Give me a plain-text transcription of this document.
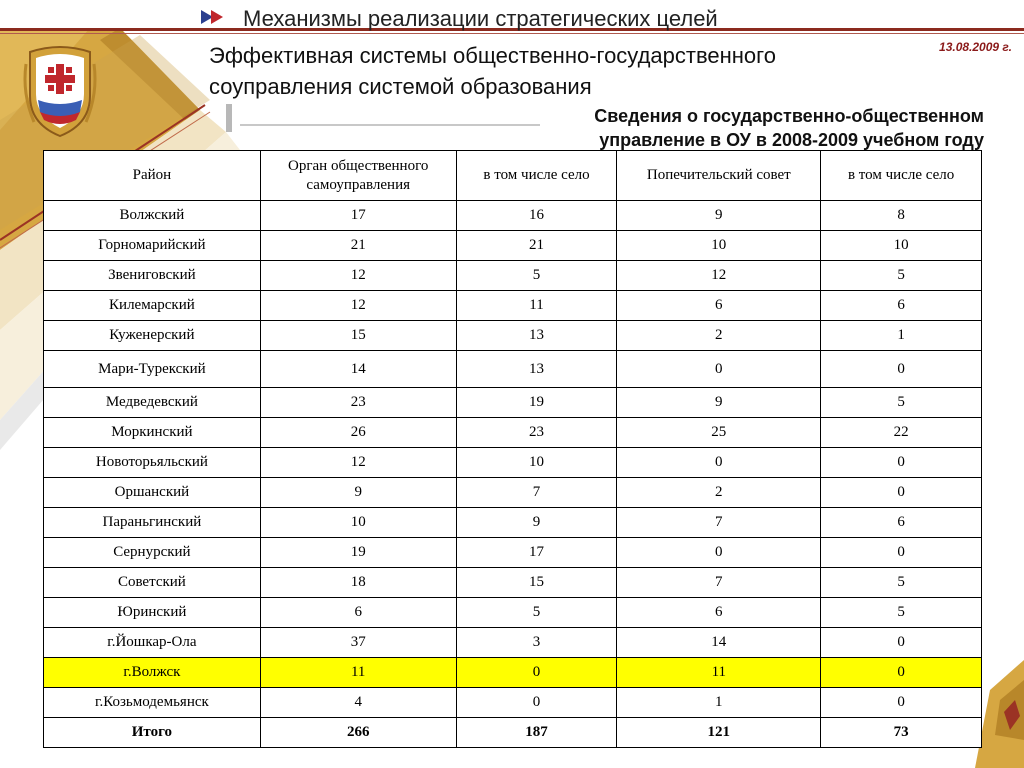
Механизмы реализации стратегических целей
13.08.2009 г.
Эффективная системы общественно-государственного
соуправления системой образования
Сведения о государственно-общественном
управление в ОУ в 2008-2009 учебном году
Район	Орган общественного самоуправления	в том числе село	Попечительский совет	в том числе село
Волжский	17	16	9	8
Горномарийский	21	21	10	10
Звениговский	12	5	12	5
Килемарский	12	11	6	6
Куженерский	15	13	2	1
Мари-Турекский	14	13	0	0
Медведевский	23	19	9	5
Моркинский	26	23	25	22
Новоторьяльский	12	10	0	0
Оршанский	9	7	2	0
Параньгинский	10	9	7	6
Сернурский	19	17	0	0
Советский	18	15	7	5
Юринский	6	5	6	5
г.Йошкар-Ола	37	3	14	0
г.Волжск	11	0	11	0
г.Козьмодемьянск	4	0	1	0
Итого	266	187	121	73
